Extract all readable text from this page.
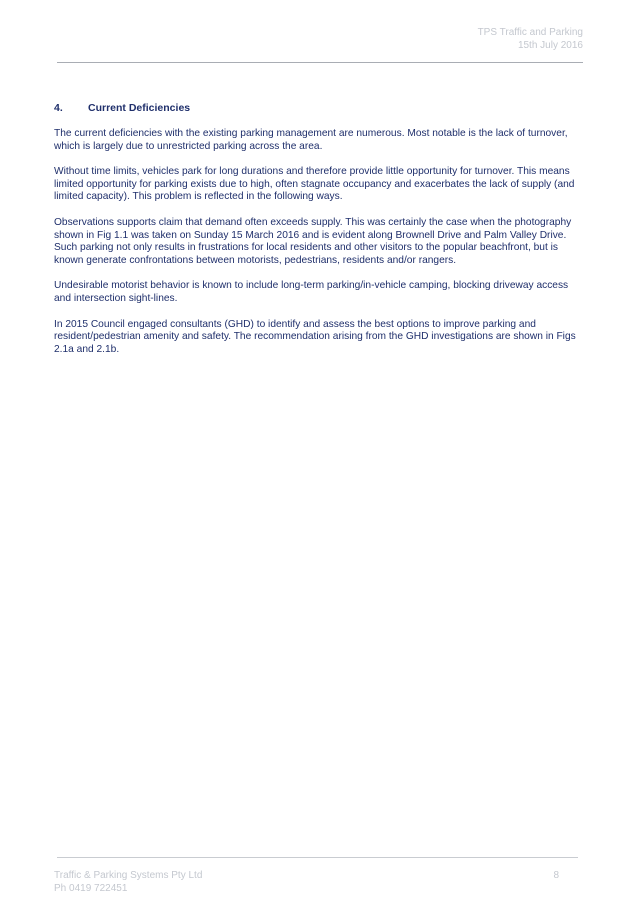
TPS Traffic and Parking
15th July 2016
4. Current Deficiencies

The current deficiencies with the existing parking management are numerous. Most notable is the lack of turnover, which is largely due to unrestricted parking across the area.

Without time limits, vehicles park for long durations and therefore provide little opportunity for turnover. This means limited opportunity for parking exists due to high, often stagnate occupancy and exacerbates the lack of supply (and limited capacity). This problem is reflected in the following ways.

Observations supports claim that demand often exceeds supply. This was certainly the case when the photography shown in Fig 1.1 was taken on Sunday 15 March 2016 and is evident along Brownell Drive and Palm Valley Drive. Such parking not only results in frustrations for local residents and other visitors to the popular beachfront, but is known generate confrontations between motorists, pedestrians, residents and/or rangers.

Undesirable motorist behavior is known to include long-term parking/in-vehicle camping, blocking driveway access and intersection sight-lines.

In 2015 Council engaged consultants (GHD) to identify and assess the best options to improve parking and resident/pedestrian amenity and safety. The recommendation arising from the GHD investigations are shown in Figs 2.1a and 2.1b.

Traffic & Parking Systems Pty Ltd
Ph 0419 722451
8
